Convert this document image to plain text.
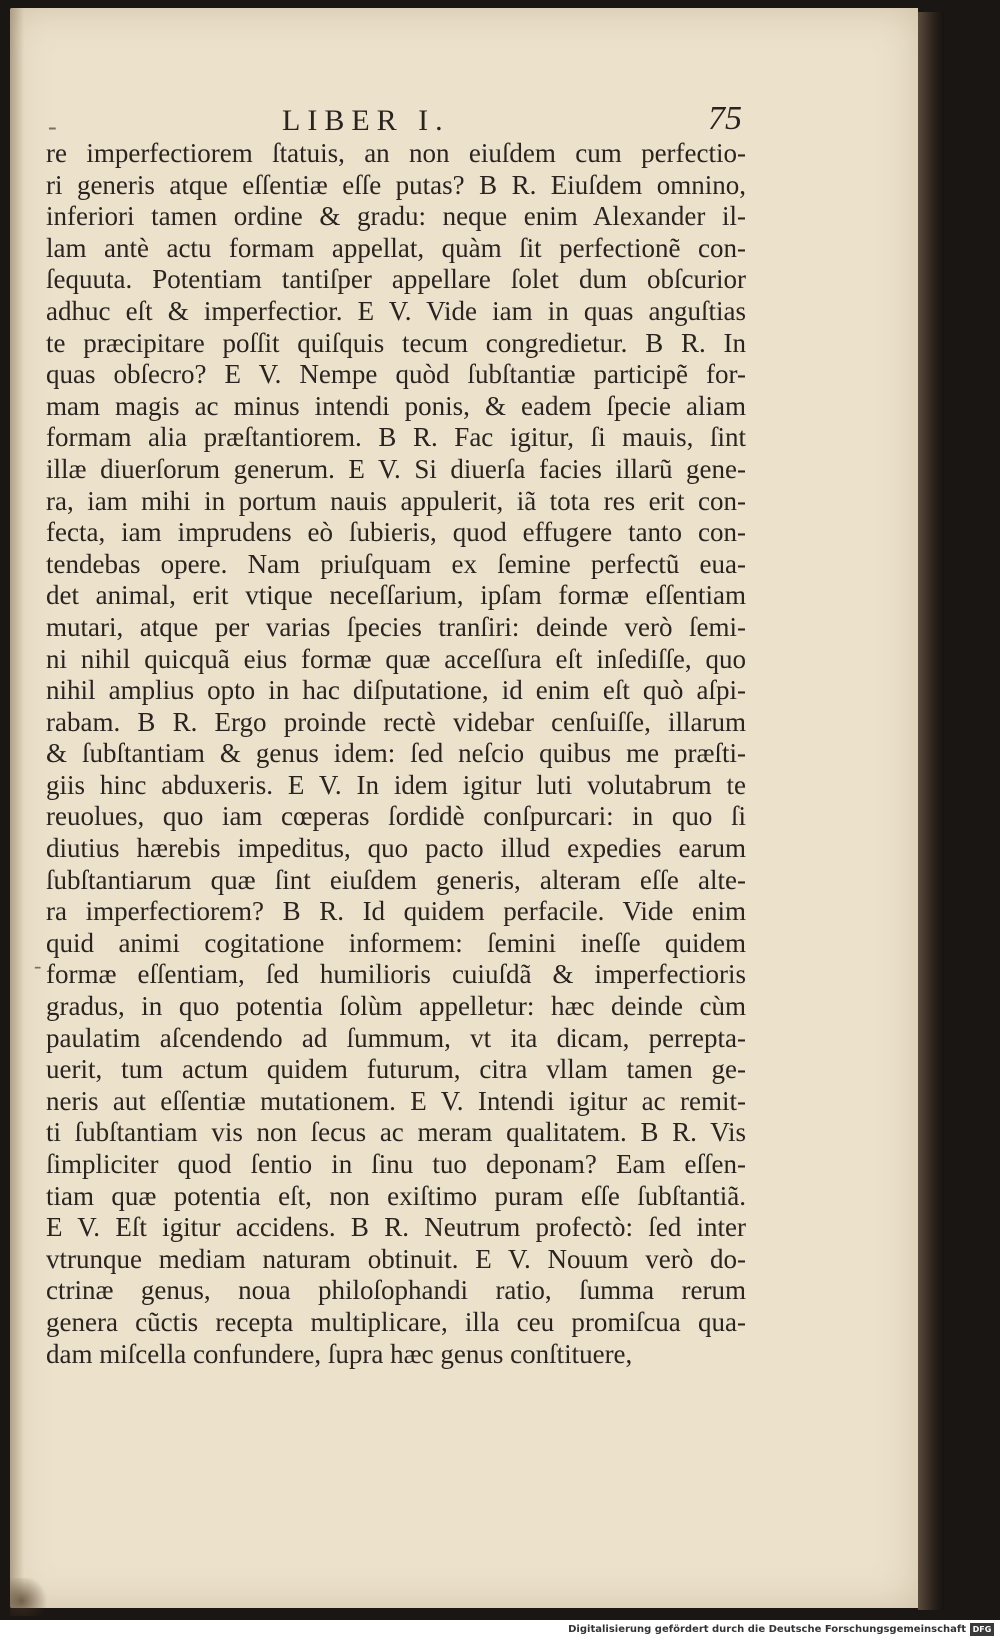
-	LIBER I.	75
-
re imperfectiorem ſtatuis, an non eiuſdem cum perfectio-
ri generis atque eſſentiæ eſſe putas? B R. Eiuſdem omnino,
inferiori tamen ordine & gradu: neque enim Alexander il-
lam antè actu formam appellat, quàm ſit perfectionẽ con-
ſequuta. Potentiam tantiſper appellare ſolet dum obſcurior
adhuc eſt & imperfectior. E V. Vide iam in quas anguſtias
te præcipitare poſſit quiſquis tecum congredietur. B R. In
quas obſecro? E V. Nempe quòd ſubſtantiæ participẽ for-
mam magis ac minus intendi ponis, & eadem ſpecie aliam
formam alia præſtantiorem. B R. Fac igitur, ſi mauis, ſint
illæ diuerſorum generum. E V. Si diuerſa facies illarũ gene-
ra, iam mihi in portum nauis appulerit, iã tota res erit con-
fecta, iam imprudens eò ſubieris, quod effugere tanto con-
tendebas opere. Nam priuſquam ex ſemine perfectũ eua-
det animal, erit vtique neceſſarium, ipſam formæ eſſentiam
mutari, atque per varias ſpecies tranſiri: deinde verò ſemi-
ni nihil quicquã eius formæ quæ acceſſura eſt inſediſſe, quo
nihil amplius opto in hac diſputatione, id enim eſt quò aſpi-
rabam. B R. Ergo proinde rectè videbar cenſuiſſe, illarum
& ſubſtantiam & genus idem: ſed neſcio quibus me præſti-
giis hinc abduxeris. E V. In idem igitur luti volutabrum te
reuolues, quo iam cœperas ſordidè conſpurcari: in quo ſi
diutius hærebis impeditus, quo pacto illud expedies earum
ſubſtantiarum quæ ſint eiuſdem generis, alteram eſſe alte-
ra imperfectiorem? B R. Id quidem perfacile. Vide enim
quid animi cogitatione informem: ſemini ineſſe quidem
formæ eſſentiam, ſed humilioris cuiuſdã & imperfectioris
gradus, in quo potentia ſolùm appelletur: hæc deinde cùm
paulatim aſcendendo ad ſummum, vt ita dicam, perrepta-
uerit, tum actum quidem futurum, citra vllam tamen ge-
neris aut eſſentiæ mutationem. E V. Intendi igitur ac remit-
ti ſubſtantiam vis non ſecus ac meram qualitatem. B R. Vis
ſimpliciter quod ſentio in ſinu tuo deponam? Eam eſſen-
tiam quæ potentia eſt, non exiſtimo puram eſſe ſubſtantiã.
E V. Eſt igitur accidens. B R. Neutrum profectò: ſed inter
vtrunque mediam naturam obtinuit. E V. Nouum verò do-
ctrinæ genus, noua philoſophandi ratio, ſumma rerum
genera cũctis recepta multiplicare, illa ceu promiſcua qua-
dam miſcella confundere, ſupra hæc genus conſtituere,
Digitalisierung gefördert durch die Deutsche Forschungsgemeinschaft DFG
